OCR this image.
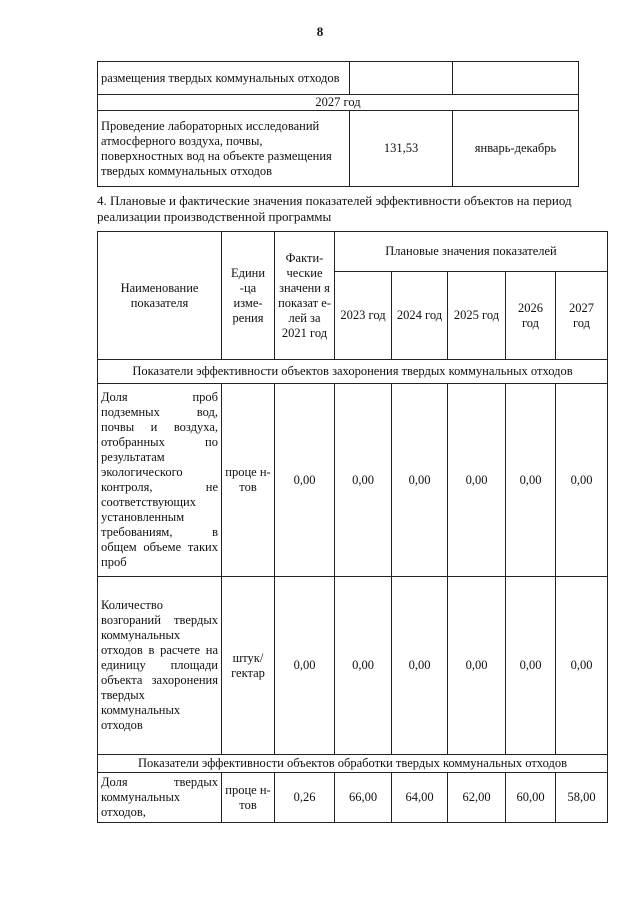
8
размещения твердых коммунальных отходов		
2027 год		
Проведение лабораторных исследований атмосферного воздуха, почвы, поверхностных вод на объекте размещения твердых коммунальных отходов	131,53	январь-декабрь
4. Плановые и фактические значения показателей эффективности объектов на период реализации производственной программы
Наименование показателя	Едини -ца изме- рения	Факти- ческие значени я показат е-лей за 2021 год	Плановые значения показателей				
			2023 год	2024 год	2025 год	2026 год	2027 год
Показатели эффективности объектов захоронения твердых коммунальных отходов							
Доля проб подземных вод, почвы и воздуха, отобранных по результатам экологического контроля, не соответствующих установленным требованиям, в общем объеме таких проб	проце н-тов	0,00	0,00	0,00	0,00	0,00	0,00
Количество возгораний твердых коммунальных отходов в расчете на единицу площади объекта захоронения твердых коммунальных отходов	штук/ гектар	0,00	0,00	0,00	0,00	0,00	0,00
Показатели эффективности объектов обработки твердых коммунальных отходов							
Доля твердых коммунальных отходов,	проце н-тов	0,26	66,00	64,00	62,00	60,00	58,00
